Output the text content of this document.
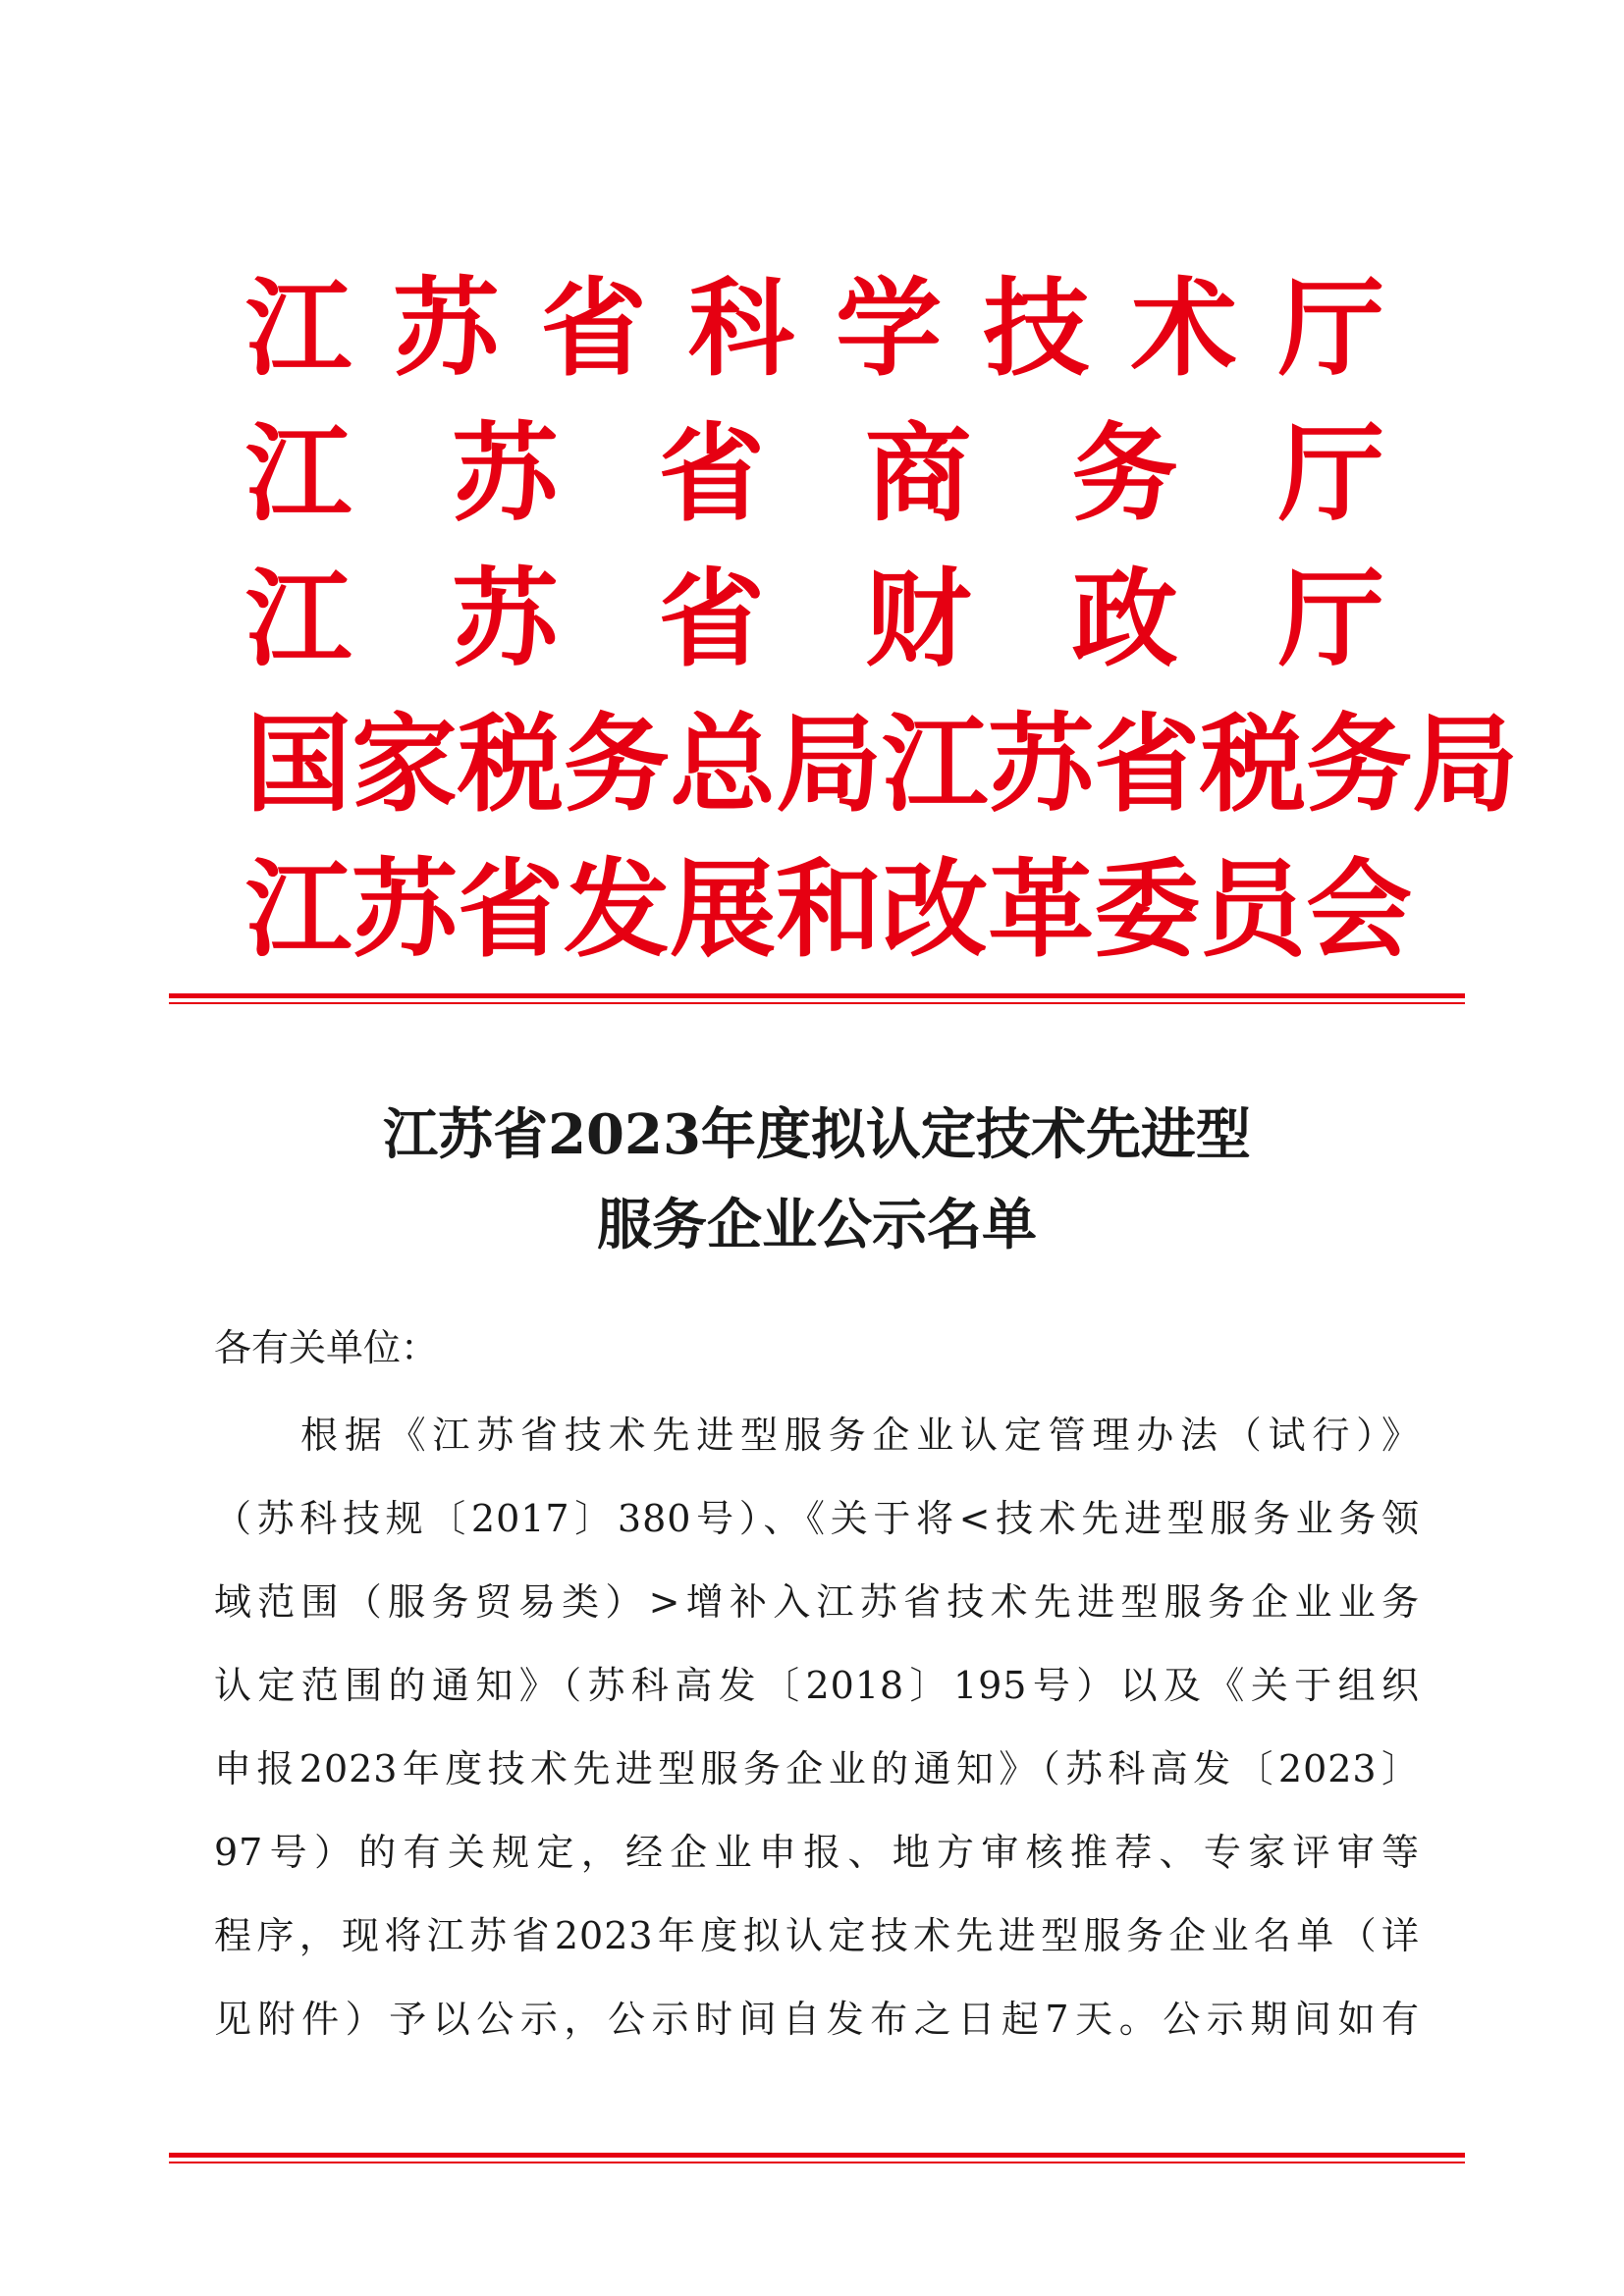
江 苏 省 科 学 技 术 厅
江 苏 省 商 务 厅
江 苏 省 财 政 厅
国 家 税 务 总 局 江 苏 省 税 务 局
江 苏 省 发 展 和 改 革 委 员 会
江苏省2023年度拟认定技术先进型
服务企业公示名单
各有关单位：
根据《江苏省技术先进型服务企业认定管理办法（试行）》
（苏科技规〔2017〕380号）、《关于将<技术先进型服务业务领
域范围（服务贸易类）>增补入江苏省技术先进型服务企业业务
认定范围的通知》（苏科高发〔2018〕195号）以及《关于组织
申报2023年度技术先进型服务企业的通知》（苏科高发〔2023〕
97号）的有关规定，经企业申报、地方审核推荐、专家评审等
程序，现将江苏省2023年度拟认定技术先进型服务企业名单（详
见附件）予以公示，公示时间自发布之日起7天。公示期间如有
